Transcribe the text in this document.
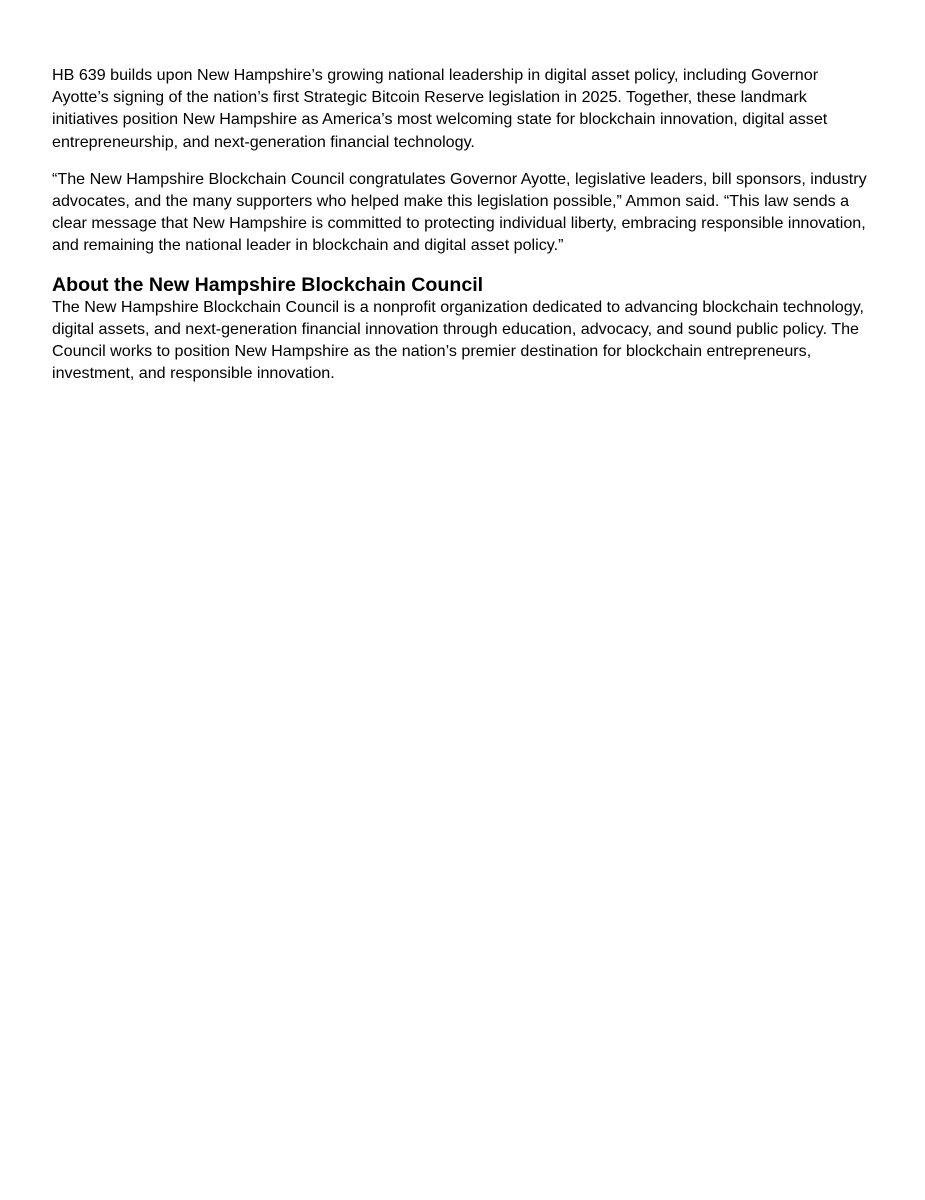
HB 639 builds upon New Hampshire’s growing national leadership in digital asset policy, including Governor Ayotte’s signing of the nation’s first Strategic Bitcoin Reserve legislation in 2025. Together, these landmark initiatives position New Hampshire as America’s most welcoming state for blockchain innovation, digital asset entrepreneurship, and next-generation financial technology.

“The New Hampshire Blockchain Council congratulates Governor Ayotte, legislative leaders, bill sponsors, industry advocates, and the many supporters who helped make this legislation possible,” Ammon said. “This law sends a clear message that New Hampshire is committed to protecting individual liberty, embracing responsible innovation, and remaining the national leader in blockchain and digital asset policy.”

About the New Hampshire Blockchain Council

The New Hampshire Blockchain Council is a nonprofit organization dedicated to advancing blockchain technology, digital assets, and next-generation financial innovation through education, advocacy, and sound public policy. The Council works to position New Hampshire as the nation’s premier destination for blockchain entrepreneurs, investment, and responsible innovation.
